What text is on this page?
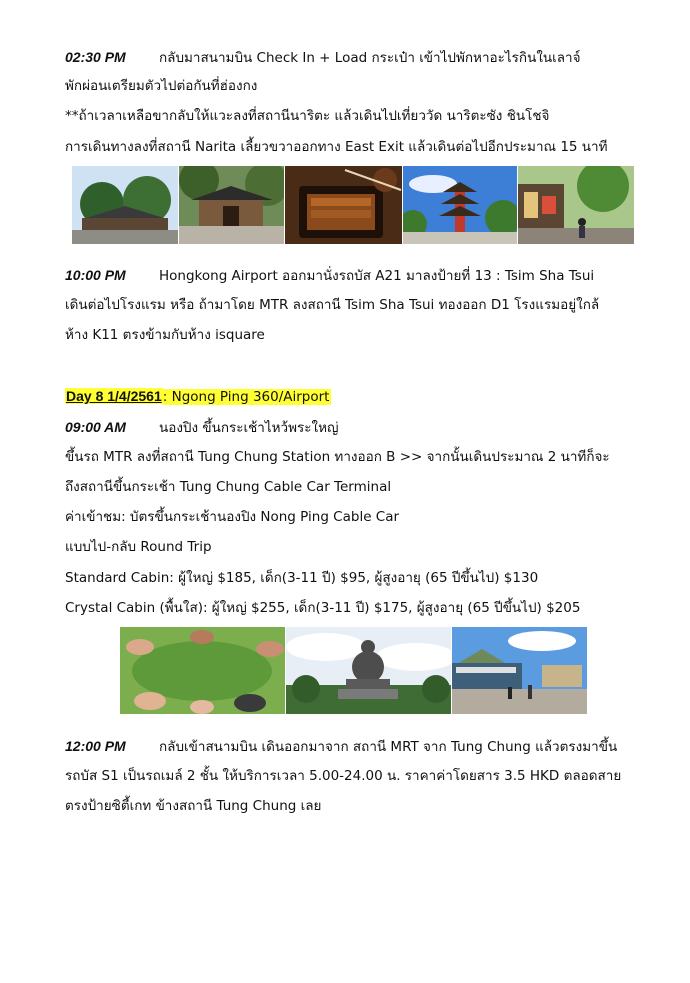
02:30 PM กลับมาสนามบิน Check In + Load กระเป๋า เข้าไปพักหาอะไรกินในเลาจ์
พักผ่อนเตรียมตัวไปต่อกันที่ฮ่องกง
**ถ้าเวลาเหลือขากลับให้แวะลงที่สถานีนาริตะ แล้วเดินไปเที่ยววัด นาริตะซัง ชินโชจิ
การเดินทางลงที่สถานี Narita เลี้ยวขวาออกทาง East Exit แล้วเดินต่อไปอีกประมาณ 15 นาที
10:00 PM Hongkong Airport ออกมานั่งรถบัส A21 มาลงป้ายที่ 13 : Tsim Sha Tsui
เดินต่อไปโรงแรม หรือ ถ้ามาโดย MTR ลงสถานี Tsim Sha Tsui ทองออก D1 โรงแรมอยู่ใกล้
ห้าง K11 ตรงข้ามกับห้าง isquare
Day 8 1/4/2561: Ngong Ping 360/Airport
09:00 AM นองปิง ขึ้นกระเช้าไหว้พระใหญ่
ขึ้นรถ MTR ลงที่สถานี Tung Chung Station ทางออก B >> จากนั้นเดินประมาณ 2 นาทีก็จะ
ถึงสถานีขึ้นกระเช้า Tung Chung Cable Car Terminal
ค่าเข้าชม: บัตรขึ้นกระเช้านองปิง Nong Ping Cable Car
แบบไป-กลับ Round Trip
Standard Cabin: ผู้ใหญ่ $185, เด็ก(3-11 ปี) $95, ผู้สูงอายุ (65 ปีขึ้นไป) $130
Crystal Cabin (พื้นใส): ผู้ใหญ่ $255, เด็ก(3-11 ปี) $175, ผู้สูงอายุ (65 ปีขึ้นไป) $205
12:00 PM กลับเข้าสนามบิน เดินออกมาจาก สถานี MRT จาก Tung Chung แล้วตรงมาขึ้น
รถบัส S1 เป็นรถเมล์ 2 ชั้น ให้บริการเวลา 5.00-24.00 น. ราคาค่าโดยสาร 3.5 HKD ตลอดสาย
ตรงป้ายซิตี้เกท ข้างสถานี Tung Chung เลย
